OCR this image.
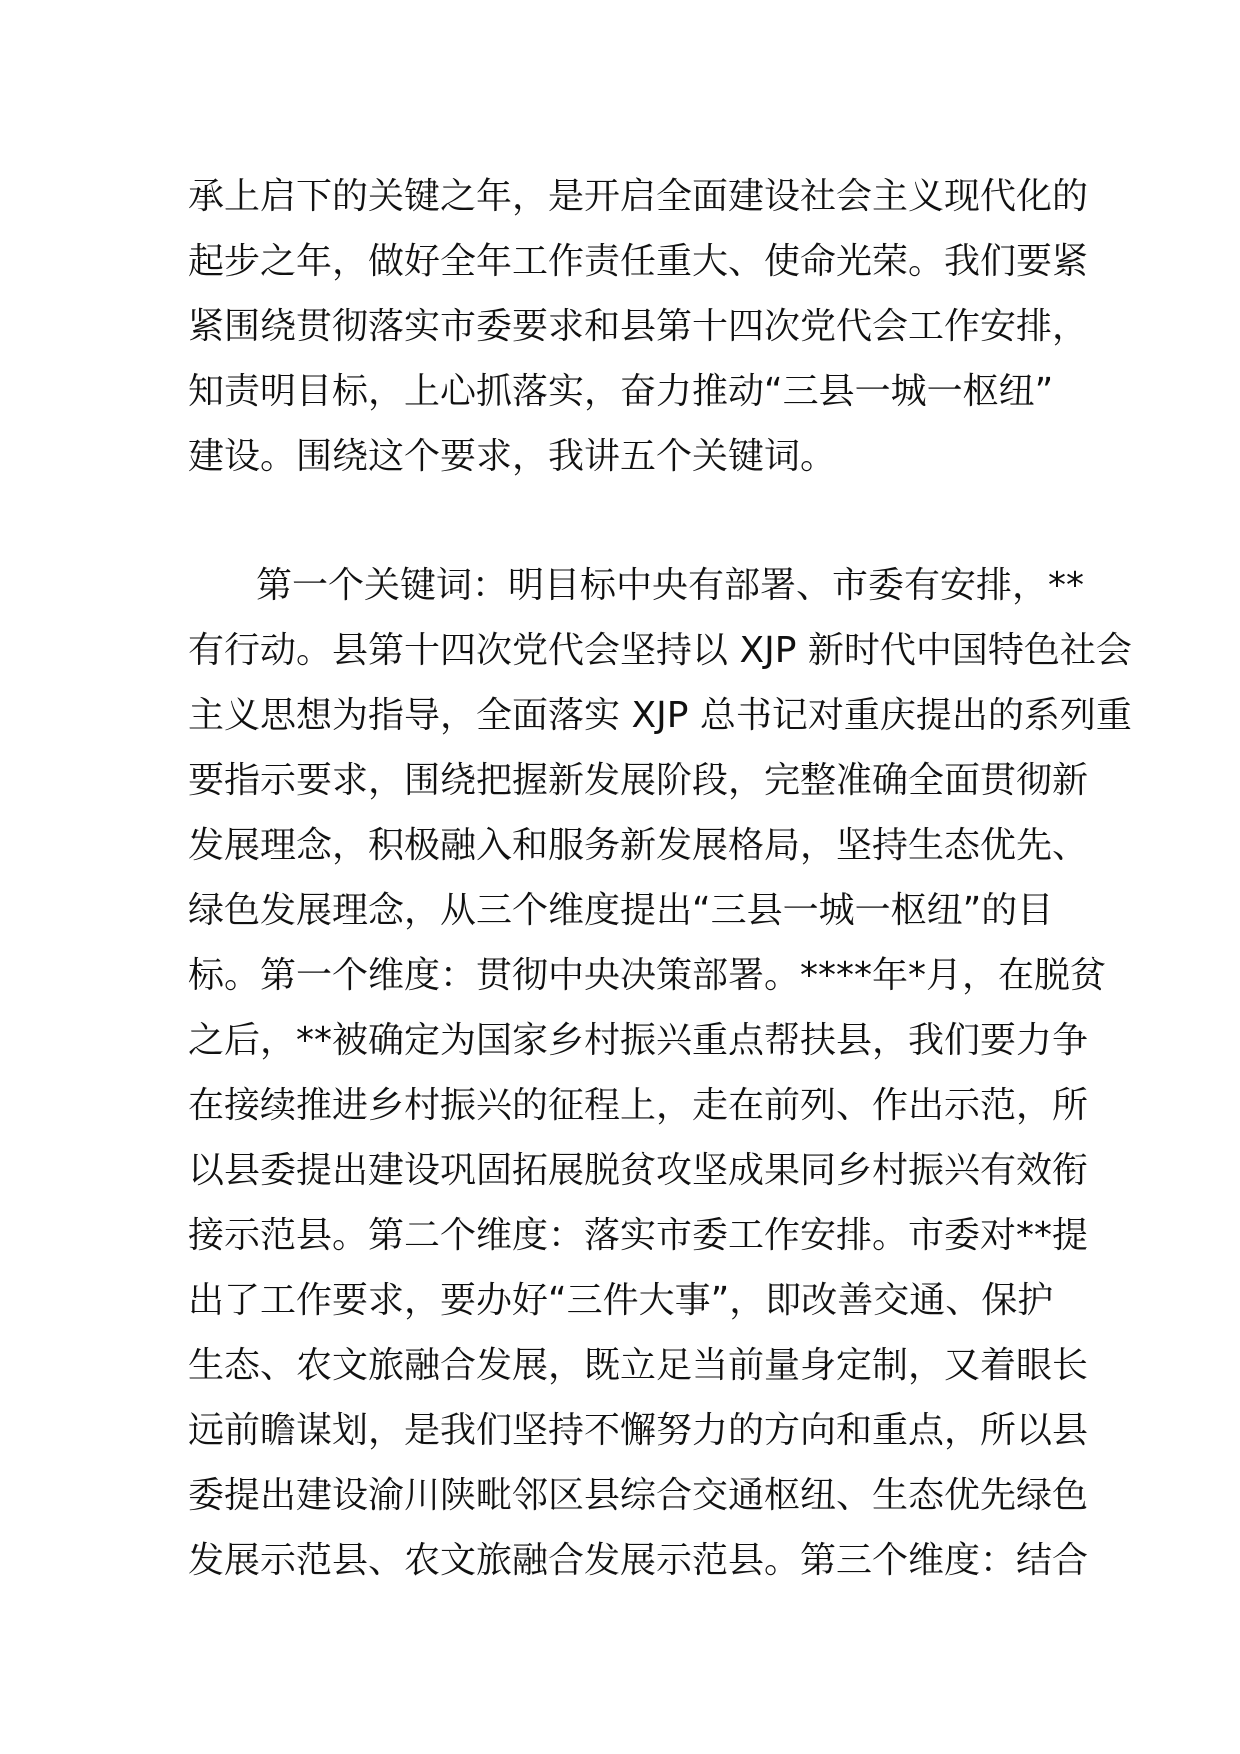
承上启下的关键之年，是开启全面建设社会主义现代化的
起步之年，做好全年工作责任重大、使命光荣。我们要紧
紧围绕贯彻落实市委要求和县第十四次党代会工作安排，
知责明目标，上心抓落实，奋力推动“三县一城一枢纽”
建设。围绕这个要求，我讲五个关键词。
第一个关键词：明目标中央有部署、市委有安排，**
有行动。县第十四次党代会坚持以 XJP 新时代中国特色社会
主义思想为指导，全面落实 XJP 总书记对重庆提出的系列重
要指示要求，围绕把握新发展阶段，完整准确全面贯彻新
发展理念，积极融入和服务新发展格局，坚持生态优先、
绿色发展理念，从三个维度提出“三县一城一枢纽”的目
标。第一个维度：贯彻中央决策部署。****年*月，在脱贫
之后，**被确定为国家乡村振兴重点帮扶县，我们要力争
在接续推进乡村振兴的征程上，走在前列、作出示范，所
以县委提出建设巩固拓展脱贫攻坚成果同乡村振兴有效衔
接示范县。第二个维度：落实市委工作安排。市委对**提
出了工作要求，要办好“三件大事”，即改善交通、保护
生态、农文旅融合发展，既立足当前量身定制，又着眼长
远前瞻谋划，是我们坚持不懈努力的方向和重点，所以县
委提出建设渝川陕毗邻区县综合交通枢纽、生态优先绿色
发展示范县、农文旅融合发展示范县。第三个维度：结合
